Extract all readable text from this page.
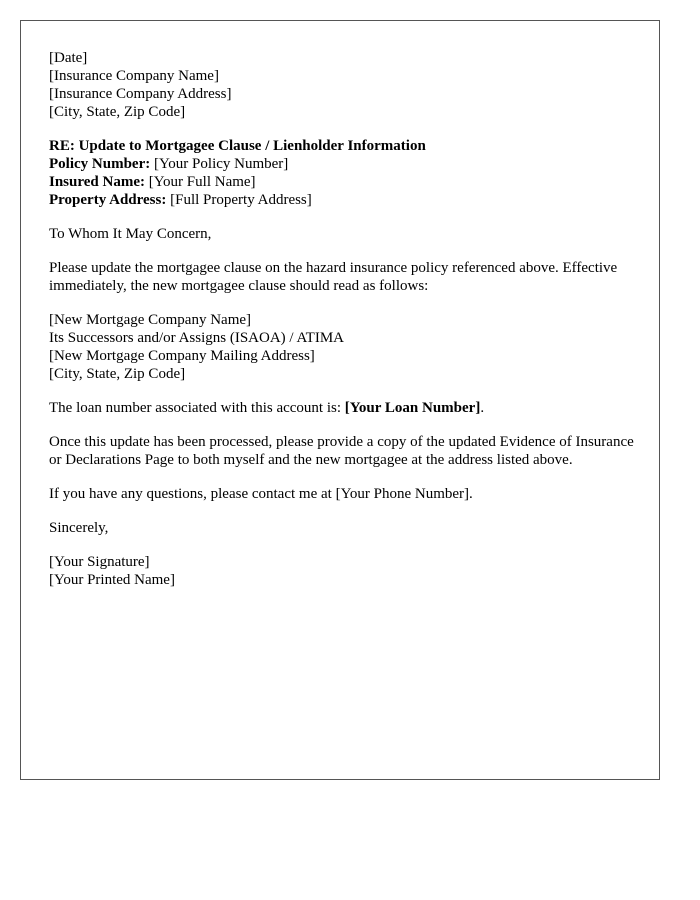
[Date]
[Insurance Company Name]
[Insurance Company Address]
[City, State, Zip Code]
RE: Update to Mortgagee Clause / Lienholder Information
Policy Number: [Your Policy Number]
Insured Name: [Your Full Name]
Property Address: [Full Property Address]
To Whom It May Concern,
Please update the mortgagee clause on the hazard insurance policy referenced above. Effective immediately, the new mortgagee clause should read as follows:
[New Mortgage Company Name]
Its Successors and/or Assigns (ISAOA) / ATIMA
[New Mortgage Company Mailing Address]
[City, State, Zip Code]
The loan number associated with this account is: [Your Loan Number].
Once this update has been processed, please provide a copy of the updated Evidence of Insurance or Declarations Page to both myself and the new mortgagee at the address listed above.
If you have any questions, please contact me at [Your Phone Number].
Sincerely,
[Your Signature]
[Your Printed Name]
